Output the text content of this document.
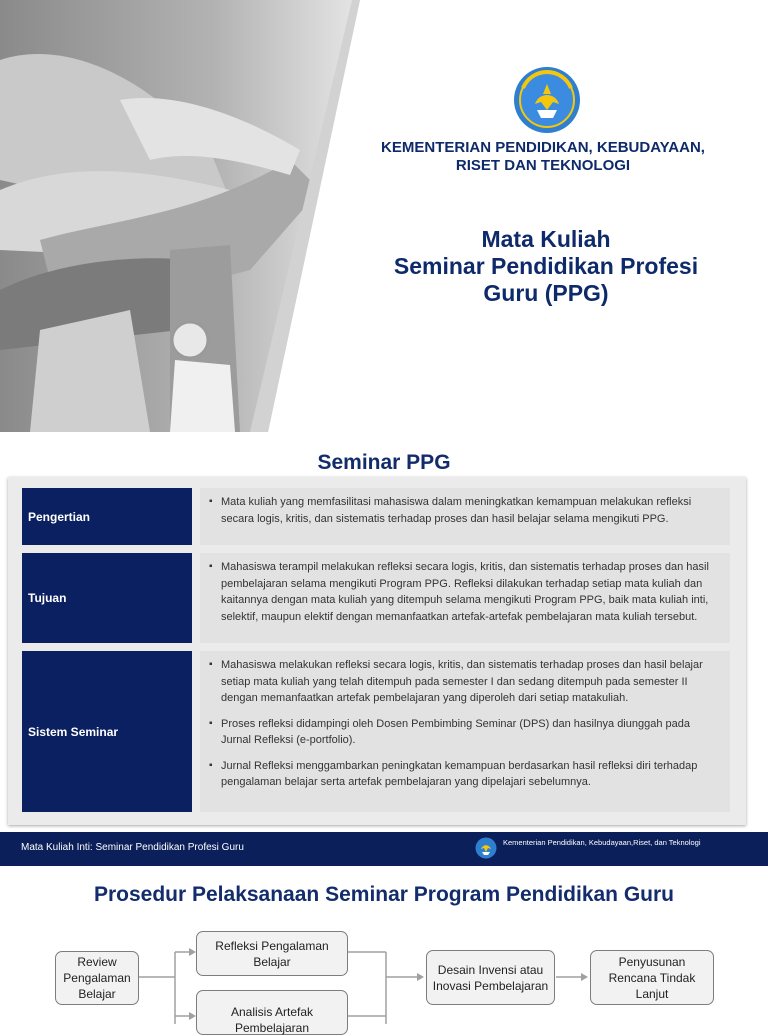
KEMENTERIAN PENDIDIKAN, KEBUDAYAAN,
RISET DAN TEKNOLOGI
Mata Kuliah
Seminar Pendidikan Profesi
Guru (PPG)
Seminar PPG
Pengertian
▪ Mata kuliah yang memfasilitasi mahasiswa dalam meningkatkan kemampuan melakukan refleksi secara logis, kritis, dan sistematis terhadap proses dan hasil belajar selama mengikuti PPG.
Tujuan
▪ Mahasiswa terampil melakukan refleksi secara logis, kritis, dan sistematis terhadap proses dan hasil pembelajaran selama mengikuti Program PPG. Refleksi dilakukan terhadap setiap mata kuliah dan kaitannya dengan mata kuliah yang ditempuh selama mengikuti Program PPG, baik mata kuliah inti, selektif, maupun elektif dengan memanfaatkan artefak-artefak pembelajaran mata kuliah tersebut.
Sistem Seminar
▪ Mahasiswa melakukan refleksi secara logis, kritis, dan sistematis terhadap proses dan hasil belajar setiap mata kuliah yang telah ditempuh pada semester I dan sedang ditempuh pada semester II dengan memanfaatkan artefak pembelajaran yang diperoleh dari setiap matakuliah.
▪ Proses refleksi didampingi oleh Dosen Pembimbing Seminar (DPS) dan hasilnya diunggah pada Jurnal Refleksi (e-portfolio).
▪ Jurnal Refleksi menggambarkan peningkatan kemampuan berdasarkan hasil refleksi diri terhadap pengalaman belajar serta artefak pembelajaran yang dipelajari sebelumnya.
Mata Kuliah Inti: Seminar Pendidikan Profesi Guru	Kementerian Pendidikan, Kebudayaan,Riset, dan Teknologi
Prosedur Pelaksanaan Seminar Program Pendidikan Guru
Review Pengalaman Belajar
Refleksi Pengalaman Belajar
Analisis Artefak Pembelajaran
Desain Invensi atau Inovasi Pembelajaran
Penyusunan Rencana Tindak Lanjut
